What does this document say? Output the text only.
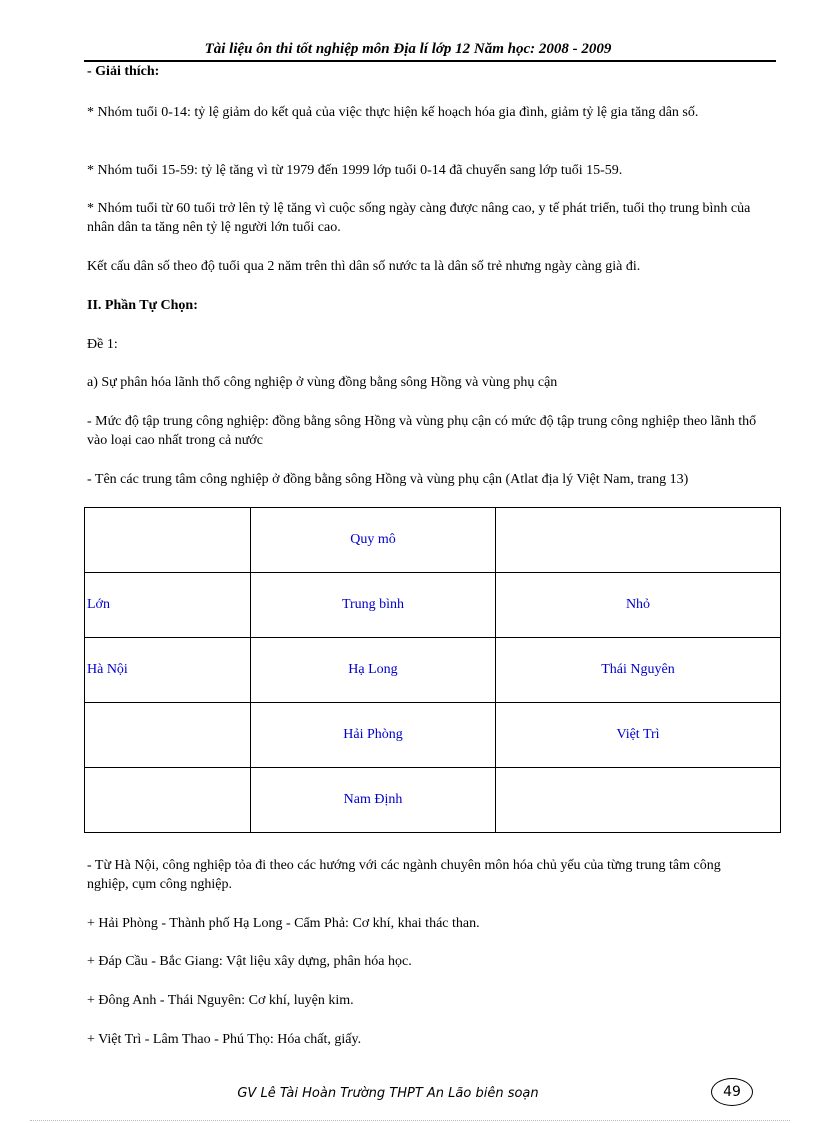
Tài liệu ôn thi tốt nghiệp môn Địa lí lớp 12 Năm học: 2008 - 2009
- Giải thích:
* Nhóm tuổi 0-14: tỷ lệ giảm do kết quả của việc thực hiện kế hoạch hóa gia đình, giảm tỷ lệ gia tăng dân số.
* Nhóm tuổi 15-59: tỷ lệ tăng vì từ 1979 đến 1999 lớp tuổi 0-14 đã chuyển sang lớp tuổi 15-59.
* Nhóm tuổi từ 60 tuổi trở lên tỷ lệ tăng vì cuộc sống ngày càng được nâng cao, y tế phát triển, tuổi thọ trung bình của nhân dân ta tăng nên tỷ lệ người lớn tuổi cao.
Kết cấu dân số theo độ tuổi qua 2 năm trên thì dân số nước ta là dân số trẻ nhưng ngày càng già đi.
II. Phần Tự Chọn:
Đề 1:
a) Sự phân hóa lãnh thổ công nghiệp ở vùng đồng bằng sông Hồng và vùng phụ cận
- Mức độ tập trung công nghiệp: đồng bằng sông Hồng và vùng phụ cận có mức độ tập trung công nghiệp theo lãnh thổ vào loại cao nhất trong cả nước
- Tên các trung tâm công nghiệp ở đồng bằng sông Hồng và vùng phụ cận (Atlat địa lý Việt Nam, trang 13)
	Quy mô	
Lớn	Trung bình	Nhỏ
Hà Nội	Hạ Long	Thái Nguyên
	Hải Phòng	Việt Trì
	Nam Định	
- Từ Hà Nội, công nghiệp tỏa đi theo các hướng với các ngành chuyên môn hóa chủ yếu của từng trung tâm công nghiệp, cụm công nghiệp.
+ Hải Phòng - Thành phố Hạ Long - Cẩm Phả: Cơ khí, khai thác than.
+ Đáp Cầu - Bắc Giang: Vật liệu xây dựng, phân hóa học.
+ Đông Anh - Thái Nguyên: Cơ khí, luyện kim.
+ Việt Trì - Lâm Thao - Phú Thọ: Hóa chất, giấy.
GV Lê Tài Hoàn Trường THPT An Lão biên soạn	49
